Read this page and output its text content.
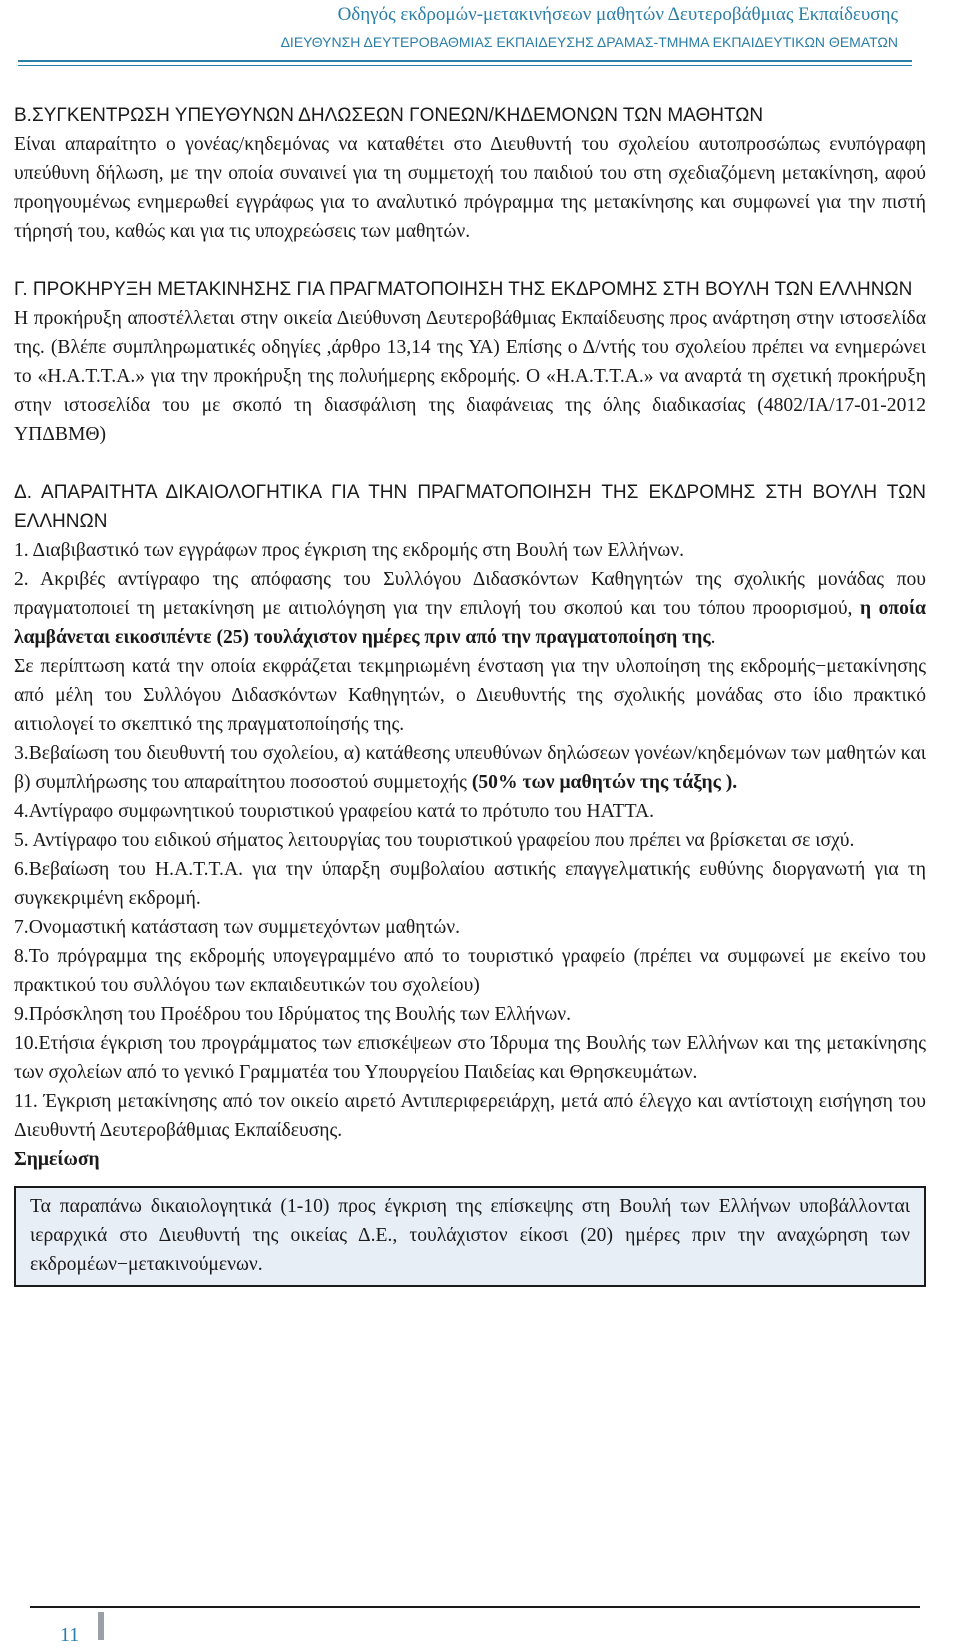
Οδηγός εκδρομών-μετακινήσεων μαθητών Δευτεροβάθμιας Εκπαίδευσης
ΔΙΕΥΘΥΝΣΗ ΔΕΥΤΕΡΟΒΑΘΜΙΑΣ ΕΚΠΑΙΔΕΥΣΗΣ ΔΡΑΜΑΣ-ΤΜΗΜΑ ΕΚΠΑΙΔΕΥΤΙΚΩΝ ΘΕΜΑΤΩΝ

Β.ΣΥΓΚΕΝΤΡΩΣΗ ΥΠΕΥΘΥΝΩΝ ΔΗΛΩΣΕΩΝ ΓΟΝΕΩΝ/ΚΗΔΕΜΟΝΩΝ ΤΩΝ ΜΑΘΗΤΩΝ

Είναι απαραίτητο ο γονέας/κηδεμόνας να καταθέτει στο Διευθυντή του σχολείου αυτοπροσώπως ενυπόγραφη υπεύθυνη δήλωση, με την οποία συναινεί για τη συμμετοχή του παιδιού του στη σχεδιαζόμενη μετακίνηση, αφού προηγουμένως ενημερωθεί εγγράφως για το αναλυτικό πρόγραμμα της μετακίνησης και συμφωνεί για την πιστή τήρησή του, καθώς και για τις υποχρεώσεις των μαθητών.

Γ. ΠΡΟΚΗΡΥΞΗ ΜΕΤΑΚΙΝΗΣΗΣ ΓΙΑ ΠΡΑΓΜΑΤΟΠΟΙΗΣΗ ΤΗΣ ΕΚΔΡΟΜΗΣ ΣΤΗ ΒΟΥΛΗ ΤΩΝ ΕΛΛΗΝΩΝ

Η προκήρυξη αποστέλλεται στην οικεία Διεύθυνση Δευτεροβάθμιας Εκπαίδευσης προς ανάρτηση στην ιστοσελίδα της. (Βλέπε συμπληρωματικές οδηγίες ,άρθρο 13,14 της ΥΑ) Επίσης ο Δ/ντής του σχολείου πρέπει να ενημερώνει το «Η.Α.Τ.Τ.Α.» για την προκήρυξη της πολυήμερης εκδρομής. Ο «Η.Α.Τ.Τ.Α.» να αναρτά τη σχετική προκήρυξη στην ιστοσελίδα του με σκοπό τη διασφάλιση της διαφάνειας της όλης διαδικασίας (4802/ΙΑ/17-01-2012 ΥΠΔΒΜΘ)

Δ. ΑΠΑΡΑΙΤΗΤΑ ΔΙΚΑΙΟΛΟΓΗΤΙΚΑ ΓΙΑ ΤΗΝ ΠΡΑΓΜΑΤΟΠΟΙΗΣΗ ΤΗΣ ΕΚΔΡΟΜΗΣ ΣΤΗ ΒΟΥΛΗ ΤΩΝ ΕΛΛΗΝΩΝ

1. Διαβιβαστικό των εγγράφων προς έγκριση της εκδρομής στη Βουλή των Ελλήνων.

2. Ακριβές αντίγραφο της απόφασης του Συλλόγου Διδασκόντων Καθηγητών της σχολικής μονάδας που πραγματοποιεί τη μετακίνηση με αιτιολόγηση για την επιλογή του σκοπού και του τόπου προορισμού, η οποία λαμβάνεται εικοσιπέντε (25) τουλάχιστον ημέρες πριν από την πραγματοποίηση της.

Σε περίπτωση κατά την οποία εκφράζεται τεκμηριωμένη ένσταση για την υλοποίηση της εκδρομής−μετακίνησης από μέλη του Συλλόγου Διδασκόντων Καθηγητών, ο Διευθυντής της σχολικής μονάδας στο ίδιο πρακτικό αιτιολογεί το σκεπτικό της πραγματοποίησής της.

3.Βεβαίωση του διευθυντή του σχολείου, α) κατάθεσης υπευθύνων δηλώσεων γονέων/κηδεμόνων των μαθητών και β) συμπλήρωσης του απαραίτητου ποσοστού συμμετοχής (50% των μαθητών της τάξης ).

4.Αντίγραφο συμφωνητικού τουριστικού γραφείου κατά το πρότυπο του ΗΑΤΤΑ.

5. Αντίγραφο του ειδικού σήματος λειτουργίας του τουριστικού γραφείου που πρέπει να βρίσκεται σε ισχύ.

6.Βεβαίωση του Η.Α.Τ.Τ.Α. για την ύπαρξη συμβολαίου αστικής επαγγελματικής ευθύνης διοργανωτή για τη συγκεκριμένη εκδρομή.

7.Ονομαστική κατάσταση των συμμετεχόντων μαθητών.

8.Το πρόγραμμα της εκδρομής υπογεγραμμένο από το τουριστικό γραφείο (πρέπει να συμφωνεί με εκείνο του πρακτικού του συλλόγου των εκπαιδευτικών του σχολείου)

9.Πρόσκληση του Προέδρου του Ιδρύματος της Βουλής των Ελλήνων.

10.Ετήσια έγκριση του προγράμματος των επισκέψεων στο Ίδρυμα της Βουλής των Ελλήνων και της μετακίνησης των σχολείων από το γενικό Γραμματέα του Υπουργείου Παιδείας και Θρησκευμάτων.

11. Έγκριση μετακίνησης από τον οικείο αιρετό Αντιπεριφερειάρχη, μετά από έλεγχο και αντίστοιχη εισήγηση του Διευθυντή Δευτεροβάθμιας Εκπαίδευσης.

Σημείωση

Τα παραπάνω δικαιολογητικά (1-10) προς έγκριση της επίσκεψης στη Βουλή των Ελλήνων υποβάλλονται ιεραρχικά στο Διευθυντή της οικείας Δ.Ε., τουλάχιστον είκοσι (20) ημέρες πριν την αναχώρηση των εκδρομέων−μετακινούμενων.

11
